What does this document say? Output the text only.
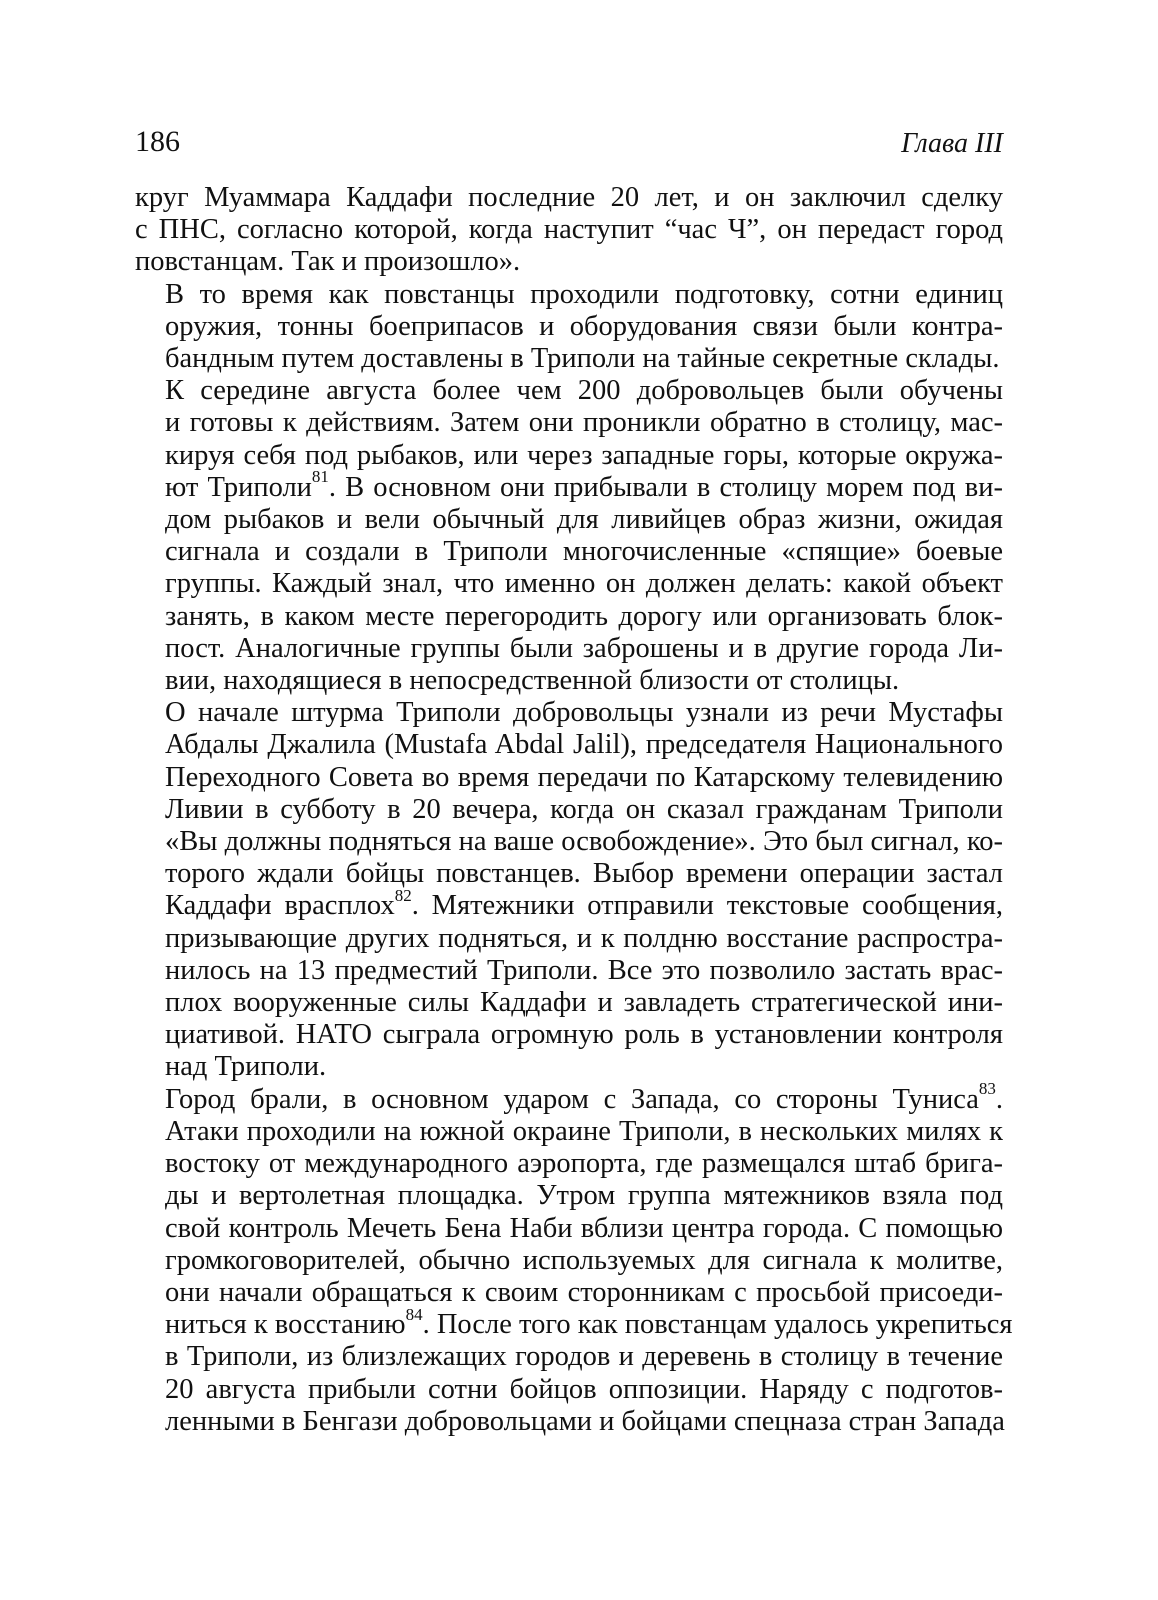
186	Глава III
круг Муаммара Каддафи последние 20 лет, и он заключил сделку
с ПНС, согласно которой, когда наступит “час Ч”, он передаст город
повстанцам. Так и произошло».
В то время как повстанцы проходили подготовку, сотни единиц
оружия, тонны боеприпасов и оборудования связи были контра-
бандным путем доставлены в Триполи на тайные секретные склады.
К середине августа более чем 200 добровольцев были обучены
и готовы к действиям. Затем они проникли обратно в столицу, мас-
кируя себя под рыбаков, или через западные горы, которые окружа-
ют Триполи$^{81}$. В основном они прибывали в столицу морем под ви-
дом рыбаков и вели обычный для ливийцев образ жизни, ожидая
сигнала и создали в Триполи многочисленные «спящие» боевые
группы. Каждый знал, что именно он должен делать: какой объект
занять, в каком месте перегородить дорогу или организовать блок-
пост. Аналогичные группы были заброшены и в другие города Ли-
вии, находящиеся в непосредственной близости от столицы.
О начале штурма Триполи добровольцы узнали из речи Мустафы
Абдалы Джалила (Mustafa Abdal Jalil), председателя Национального
Переходного Совета во время передачи по Катарскому телевидению
Ливии в субботу в 20 вечера, когда он сказал гражданам Триполи
«Вы должны подняться на ваше освобождение». Это был сигнал, ко-
торого ждали бойцы повстанцев. Выбор времени операции застал
Каддафи врасплох$^{82}$. Мятежники отправили текстовые сообщения,
призывающие других подняться, и к полдню восстание распростра-
нилось на 13 предместий Триполи. Все это позволило застать врас-
плох вооруженные силы Каддафи и завладеть стратегической ини-
циативой. НАТО сыграла огромную роль в установлении контроля
над Триполи.
Город брали, в основном ударом с Запада, со стороны Туниса$^{83}$.
Атаки проходили на южной окраине Триполи, в нескольких милях к
востоку от международного аэропорта, где размещался штаб брига-
ды и вертолетная площадка. Утром группа мятежников взяла под
свой контроль Мечеть Бена Наби вблизи центра города. С помощью
громкоговорителей, обычно используемых для сигнала к молитве,
они начали обращаться к своим сторонникам с просьбой присоеди-
ниться к восстанию$^{84}$. После того как повстанцам удалось укрепиться
в Триполи, из близлежащих городов и деревень в столицу в течение
20 августа прибыли сотни бойцов оппозиции. Наряду с подготов-
ленными в Бенгази добровольцами и бойцами спецназа стран Запада
